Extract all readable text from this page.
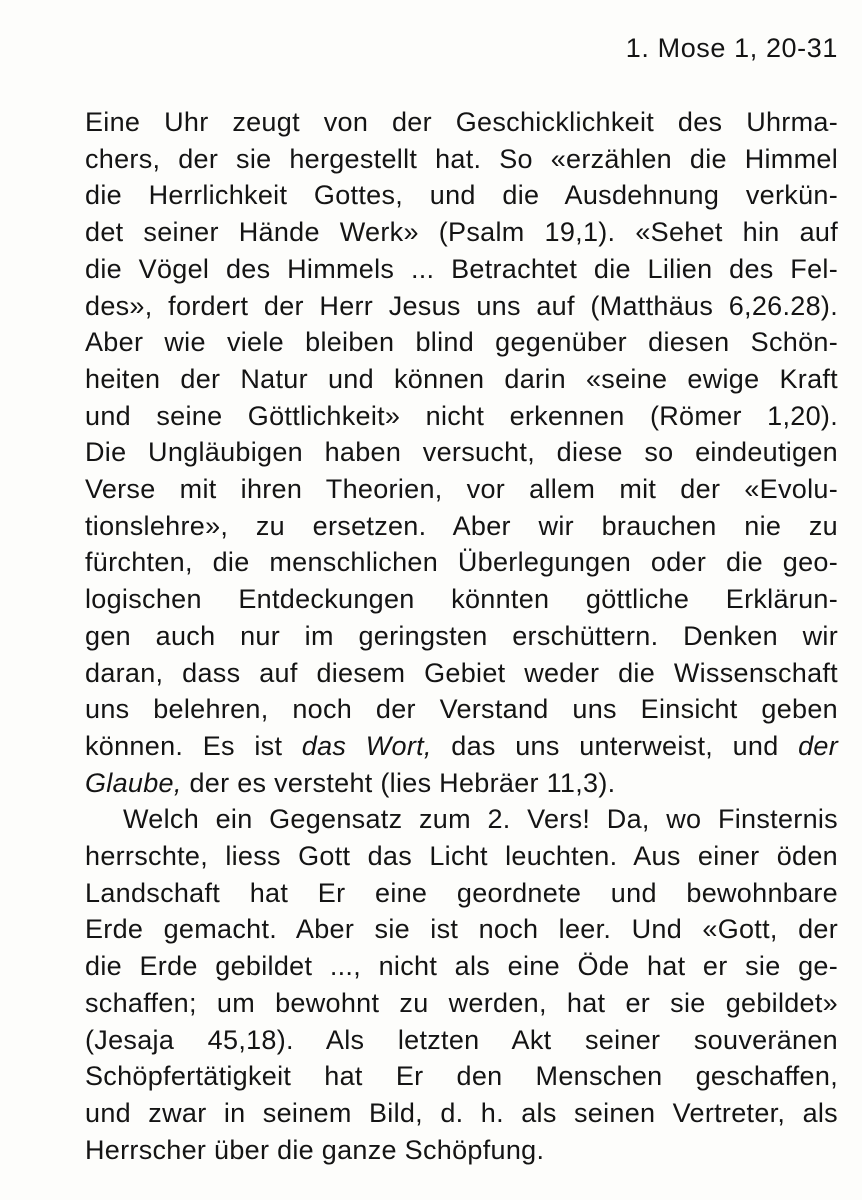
1. Mose 1, 20-31
Eine Uhr zeugt von der Geschicklichkeit des Uhrma-
chers, der sie hergestellt hat. So «erzählen die Himmel
die Herrlichkeit Gottes, und die Ausdehnung verkün-
det seiner Hände Werk» (Psalm 19,1). «Sehet hin auf
die Vögel des Himmels ... Betrachtet die Lilien des Fel-
des», fordert der Herr Jesus uns auf (Matthäus 6,26.28).
Aber wie viele bleiben blind gegenüber diesen Schön-
heiten der Natur und können darin «seine ewige Kraft
und seine Göttlichkeit» nicht erkennen (Römer 1,20).
Die Ungläubigen haben versucht, diese so eindeutigen
Verse mit ihren Theorien, vor allem mit der «Evolu-
tionslehre», zu ersetzen. Aber wir brauchen nie zu
fürchten, die menschlichen Überlegungen oder die geo-
logischen Entdeckungen könnten göttliche Erklärun-
gen auch nur im geringsten erschüttern. Denken wir
daran, dass auf diesem Gebiet weder die Wissenschaft
uns belehren, noch der Verstand uns Einsicht geben
können. Es ist das Wort, das uns unterweist, und der
Glaube, der es versteht (lies Hebräer 11,3).
Welch ein Gegensatz zum 2. Vers! Da, wo Finsternis
herrschte, liess Gott das Licht leuchten. Aus einer öden
Landschaft hat Er eine geordnete und bewohnbare
Erde gemacht. Aber sie ist noch leer. Und «Gott, der
die Erde gebildet ..., nicht als eine Öde hat er sie ge-
schaffen; um bewohnt zu werden, hat er sie gebildet»
(Jesaja 45,18). Als letzten Akt seiner souveränen
Schöpfertätigkeit hat Er den Menschen geschaffen,
und zwar in seinem Bild, d. h. als seinen Vertreter, als
Herrscher über die ganze Schöpfung.
